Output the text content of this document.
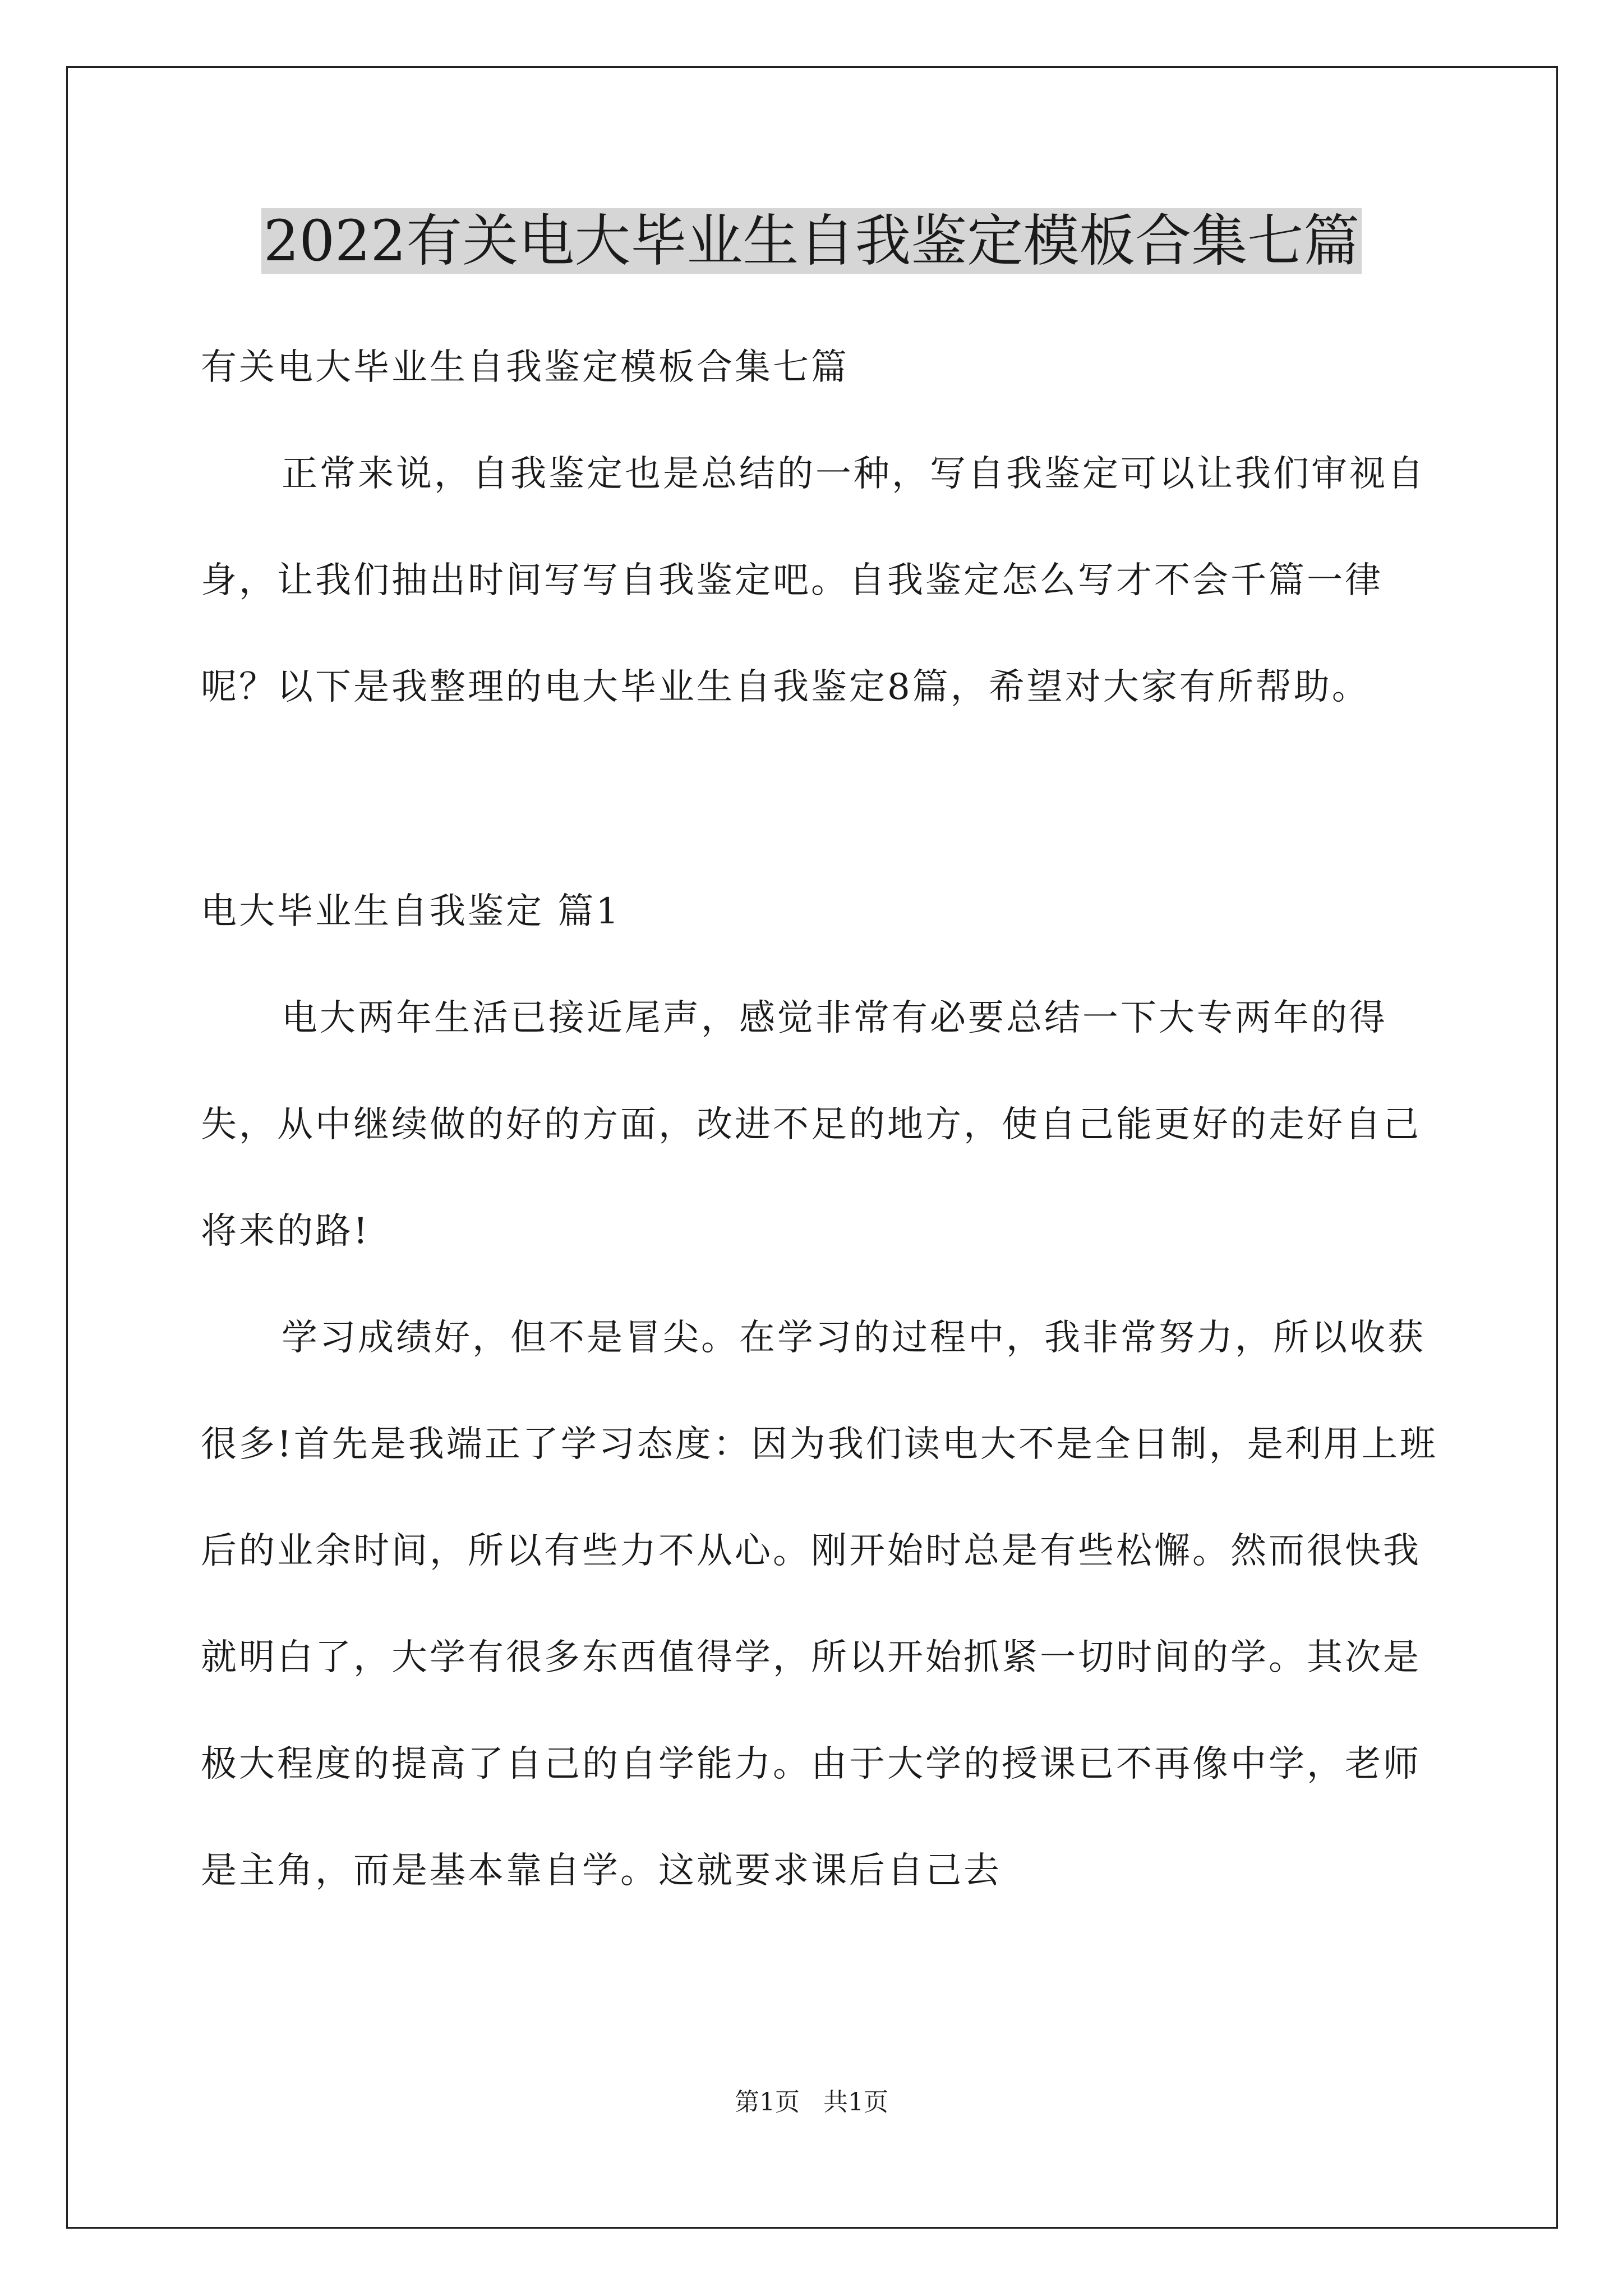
2022有关电大毕业生自我鉴定模板合集七篇

有关电大毕业生自我鉴定模板合集七篇

正常来说，自我鉴定也是总结的一种，写自我鉴定可以让我们审视自身，让我们抽出时间写写自我鉴定吧。自我鉴定怎么写才不会千篇一律呢？以下是我整理的电大毕业生自我鉴定8篇，希望对大家有所帮助。

电大毕业生自我鉴定 篇1

电大两年生活已接近尾声，感觉非常有必要总结一下大专两年的得失，从中继续做的好的方面，改进不足的地方，使自己能更好的走好自己将来的路!

学习成绩好，但不是冒尖。在学习的过程中，我非常努力，所以收获很多!首先是我端正了学习态度：因为我们读电大不是全日制，是利用上班后的业余时间，所以有些力不从心。刚开始时总是有些松懈。然而很快我就明白了，大学有很多东西值得学，所以开始抓紧一切时间的学。其次是极大程度的提高了自己的自学能力。由于大学的授课已不再像中学，老师是主角，而是基本靠自学。这就要求课后自己去

第1页   共1页
